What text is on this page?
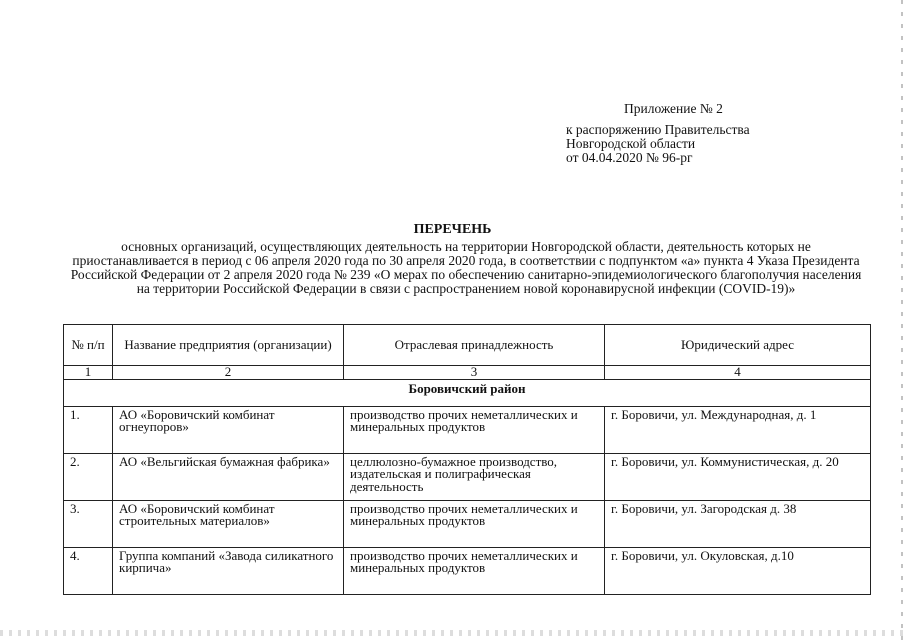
Приложение № 2
к распоряжению Правительства
Новгородской области
от 04.04.2020 № 96-рг
ПЕРЕЧЕНЬ
основных организаций, осуществляющих деятельность на территории Новгородской области, деятельность которых не приостанавливается в период с 06 апреля 2020 года по 30 апреля 2020 года, в соответствии с подпунктом «а» пункта 4 Указа Президента Российской Федерации от 2 апреля 2020 года № 239 «О мерах по обеспечению санитарно-эпидемиологического благополучия населения на территории Российской Федерации в связи с распространением новой коронавирусной инфекции (COVID-19)»
№ п/п	Название предприятия (организации)	Отраслевая принадлежность	Юридический адрес
1	2	3	4
Боровичский район			
1.	АО «Боровичский комбинат огнеупоров»	производство прочих неметаллических и минеральных продуктов	г. Боровичи, ул. Международная, д. 1
2.	АО «Вельгийская бумажная фабрика»	целлюлозно-бумажное производство, издательская и полиграфическая деятельность	г. Боровичи, ул. Коммунистическая, д. 20
3.	АО «Боровичский комбинат строительных материалов»	производство прочих неметаллических и минеральных продуктов	г. Боровичи, ул. Загородская д. 38
4.	Группа компаний «Завода силикатного кирпича»	производство прочих неметаллических и минеральных продуктов	г. Боровичи, ул. Окуловская, д.10
